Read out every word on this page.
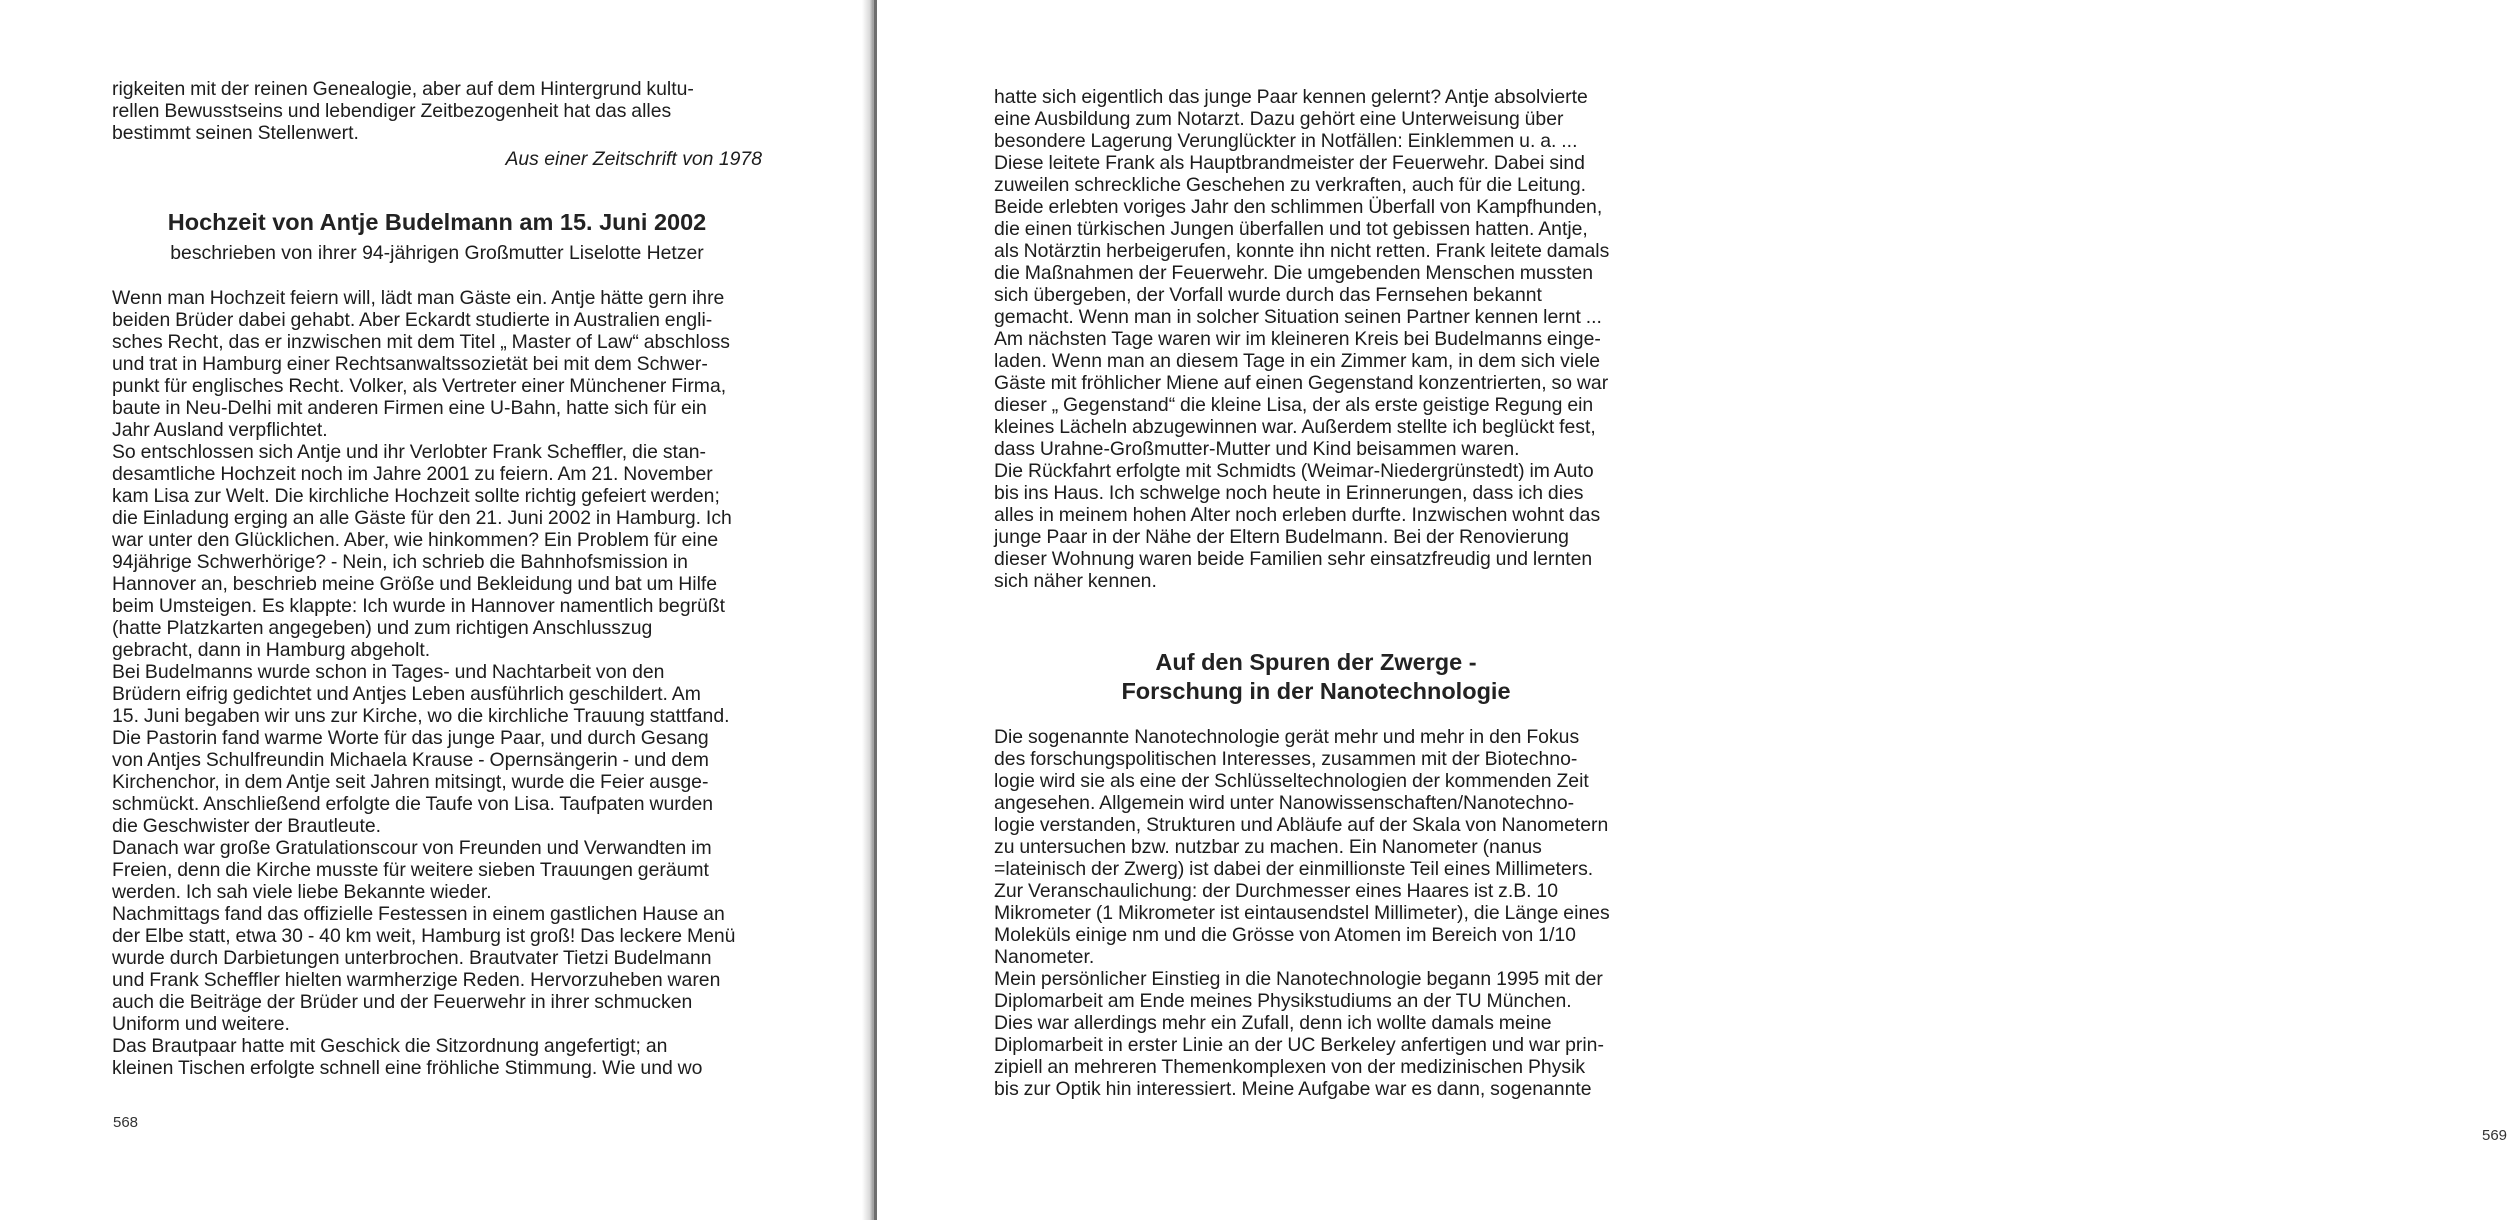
rigkeiten mit der reinen Genealogie, aber auf dem Hintergrund kultu-

rellen Bewusstseins und lebendiger Zeitbezogenheit hat das alles

bestimmt seinen Stellenwert.

Aus einer Zeitschrift von 1978
Hochzeit von Antje Budelmann am 15. Juni 2002
beschrieben von ihrer 94-jährigen Großmutter Liselotte Hetzer

Wenn man Hochzeit feiern will, lädt man Gäste ein. Antje hätte gern ihre

beiden Brüder dabei gehabt. Aber Eckardt studierte in Australien engli-

sches Recht, das er inzwischen mit dem Titel „ Master of Law“ abschloss

und trat in Hamburg einer Rechtsanwaltssozietät bei mit dem Schwer-

punkt für englisches Recht. Volker, als Vertreter einer Münchener Firma,

baute in Neu-Delhi mit anderen Firmen eine U-Bahn, hatte sich für ein

Jahr Ausland verpflichtet.

So entschlossen sich Antje und ihr Verlobter Frank Scheffler, die stan-

desamtliche Hochzeit noch im Jahre 2001 zu feiern. Am 21. November

kam Lisa zur Welt. Die kirchliche Hochzeit sollte richtig gefeiert werden;

die Einladung erging an alle Gäste für den 21. Juni 2002 in Hamburg. Ich

war unter den Glücklichen. Aber, wie hinkommen? Ein Problem für eine

94jährige Schwerhörige? - Nein, ich schrieb die Bahnhofsmission in

Hannover an, beschrieb meine Größe und Bekleidung und bat um Hilfe

beim Umsteigen. Es klappte: Ich wurde in Hannover namentlich begrüßt

(hatte Platzkarten angegeben) und zum richtigen Anschlusszug

gebracht, dann in Hamburg abgeholt.

Bei Budelmanns wurde schon in Tages- und Nachtarbeit von den

Brüdern eifrig gedichtet und Antjes Leben ausführlich geschildert. Am

15. Juni begaben wir uns zur Kirche, wo die kirchliche Trauung stattfand.

Die Pastorin fand warme Worte für das junge Paar, und durch Gesang

von Antjes Schulfreundin Michaela Krause - Opernsängerin - und dem

Kirchenchor, in dem Antje seit Jahren mitsingt, wurde die Feier ausge-

schmückt. Anschließend erfolgte die Taufe von Lisa. Taufpaten wurden

die Geschwister der Brautleute.

Danach war große Gratulationscour von Freunden und Verwandten im

Freien, denn die Kirche musste für weitere sieben Trauungen geräumt

werden. Ich sah viele liebe Bekannte wieder.

Nachmittags fand das offizielle Festessen in einem gastlichen Hause an

der Elbe statt, etwa 30 - 40 km weit, Hamburg ist groß! Das leckere Menü

wurde durch Darbietungen unterbrochen. Brautvater Tietzi Budelmann

und Frank Scheffler hielten warmherzige Reden. Hervorzuheben waren

auch die Beiträge der Brüder und der Feuerwehr in ihrer schmucken

Uniform und weitere.

Das Brautpaar hatte mit Geschick die Sitzordnung angefertigt; an

kleinen Tischen erfolgte schnell eine fröhliche Stimmung. Wie und wo

568

hatte sich eigentlich das junge Paar kennen gelernt? Antje absolvierte

eine Ausbildung zum Notarzt. Dazu gehört eine Unterweisung über

besondere Lagerung Verunglückter in Notfällen: Einklemmen u. a. ...

Diese leitete Frank als Hauptbrandmeister der Feuerwehr. Dabei sind

zuweilen schreckliche Geschehen zu verkraften, auch für die Leitung.

Beide erlebten voriges Jahr den schlimmen Überfall von Kampfhunden,

die einen türkischen Jungen überfallen und tot gebissen hatten. Antje,

als Notärztin herbeigerufen, konnte ihn nicht retten. Frank leitete damals

die Maßnahmen der Feuerwehr. Die umgebenden Menschen mussten

sich übergeben, der Vorfall wurde durch das Fernsehen bekannt

gemacht. Wenn man in solcher Situation seinen Partner kennen lernt ...

Am nächsten Tage waren wir im kleineren Kreis bei Budelmanns einge-

laden. Wenn man an diesem Tage in ein Zimmer kam, in dem sich viele

Gäste mit fröhlicher Miene auf einen Gegenstand konzentrierten, so war

dieser „ Gegenstand“ die kleine Lisa, der als erste geistige Regung ein

kleines Lächeln abzugewinnen war. Außerdem stellte ich beglückt fest,

dass Urahne-Großmutter-Mutter und Kind beisammen waren.

Die Rückfahrt erfolgte mit Schmidts (Weimar-Niedergrünstedt) im Auto

bis ins Haus. Ich schwelge noch heute in Erinnerungen, dass ich dies

alles in meinem hohen Alter noch erleben durfte. Inzwischen wohnt das

junge Paar in der Nähe der Eltern Budelmann. Bei der Renovierung

dieser Wohnung waren beide Familien sehr einsatzfreudig und lernten

sich näher kennen.

Auf den Spuren der Zwerge -
Forschung in der Nanotechnologie

Die sogenannte Nanotechnologie gerät mehr und mehr in den Fokus

des forschungspolitischen Interesses, zusammen mit der Biotechno-

logie wird sie als eine der Schlüsseltechnologien der kommenden Zeit

angesehen. Allgemein wird unter Nanowissenschaften/Nanotechno-

logie verstanden, Strukturen und Abläufe auf der Skala von Nanometern

zu untersuchen bzw. nutzbar zu machen. Ein Nanometer (nanus

=lateinisch der Zwerg) ist dabei der einmillionste Teil eines Millimeters.

Zur Veranschaulichung: der Durchmesser eines Haares ist z.B. 10

Mikrometer (1 Mikrometer ist eintausendstel Millimeter), die Länge eines

Moleküls einige nm und die Grösse von Atomen im Bereich von 1/10

Nanometer.

Mein persönlicher Einstieg in die Nanotechnologie begann 1995 mit der

Diplomarbeit am Ende meines Physikstudiums an der TU München.

Dies war allerdings mehr ein Zufall, denn ich wollte damals meine

Diplomarbeit in erster Linie an der UC Berkeley anfertigen und war prin-

zipiell an mehreren Themenkomplexen von der medizinischen Physik

bis zur Optik hin interessiert. Meine Aufgabe war es dann, sogenannte

569
